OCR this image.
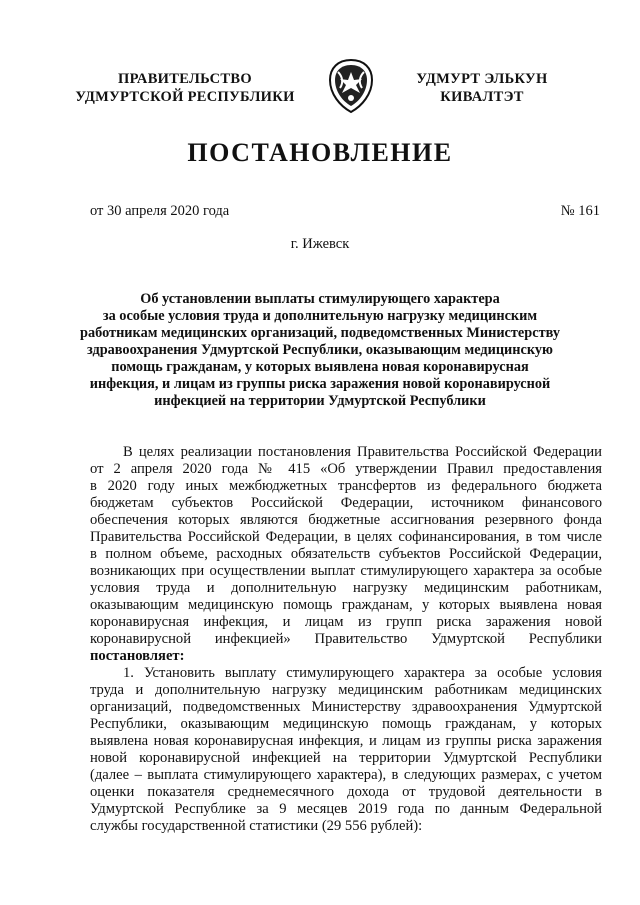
ПРАВИТЕЛЬСТВО
УДМУРТСКОЙ РЕСПУБЛИКИ
УДМУРТ ЭЛЬКУН
КИВАЛТЭТ
ПОСТАНОВЛЕНИЕ
от 30 апреля 2020 года	№ 161
г. Ижевск
Об установлении выплаты стимулирующего характера
за особые условия труда и дополнительную нагрузку медицинским
работникам медицинских организаций, подведомственных Министерству
здравоохранения Удмуртской Республики, оказывающим медицинскую
помощь гражданам, у которых выявлена новая коронавирусная
инфекция, и лицам из группы риска заражения новой коронавирусной
инфекцией на территории Удмуртской Республики
В целях реализации постановления Правительства Российской Федерации
от 2 апреля 2020 года № 415 «Об утверждении Правил предоставления
в 2020 году иных межбюджетных трансфертов из федерального бюджета
бюджетам субъектов Российской Федерации, источником финансового
обеспечения которых являются бюджетные ассигнования резервного фонда
Правительства Российской Федерации, в целях софинансирования, в том числе
в полном объеме, расходных обязательств субъектов Российской Федерации,
возникающих при осуществлении выплат стимулирующего характера за особые
условия труда и дополнительную нагрузку медицинским работникам,
оказывающим медицинскую помощь гражданам, у которых выявлена новая
коронавирусная инфекция, и лицам из групп риска заражения новой
коронавирусной инфекцией» Правительство Удмуртской Республики
постановляет:
1. Установить выплату стимулирующего характера за особые условия
труда и дополнительную нагрузку медицинским работникам медицинских
организаций, подведомственных Министерству здравоохранения Удмуртской
Республики, оказывающим медицинскую помощь гражданам, у которых
выявлена новая коронавирусная инфекция, и лицам из группы риска заражения
новой коронавирусной инфекцией на территории Удмуртской Республики
(далее – выплата стимулирующего характера), в следующих размерах, с учетом
оценки показателя среднемесячного дохода от трудовой деятельности в
Удмуртской Республике за 9 месяцев 2019 года по данным Федеральной
службы государственной статистики (29 556 рублей):
